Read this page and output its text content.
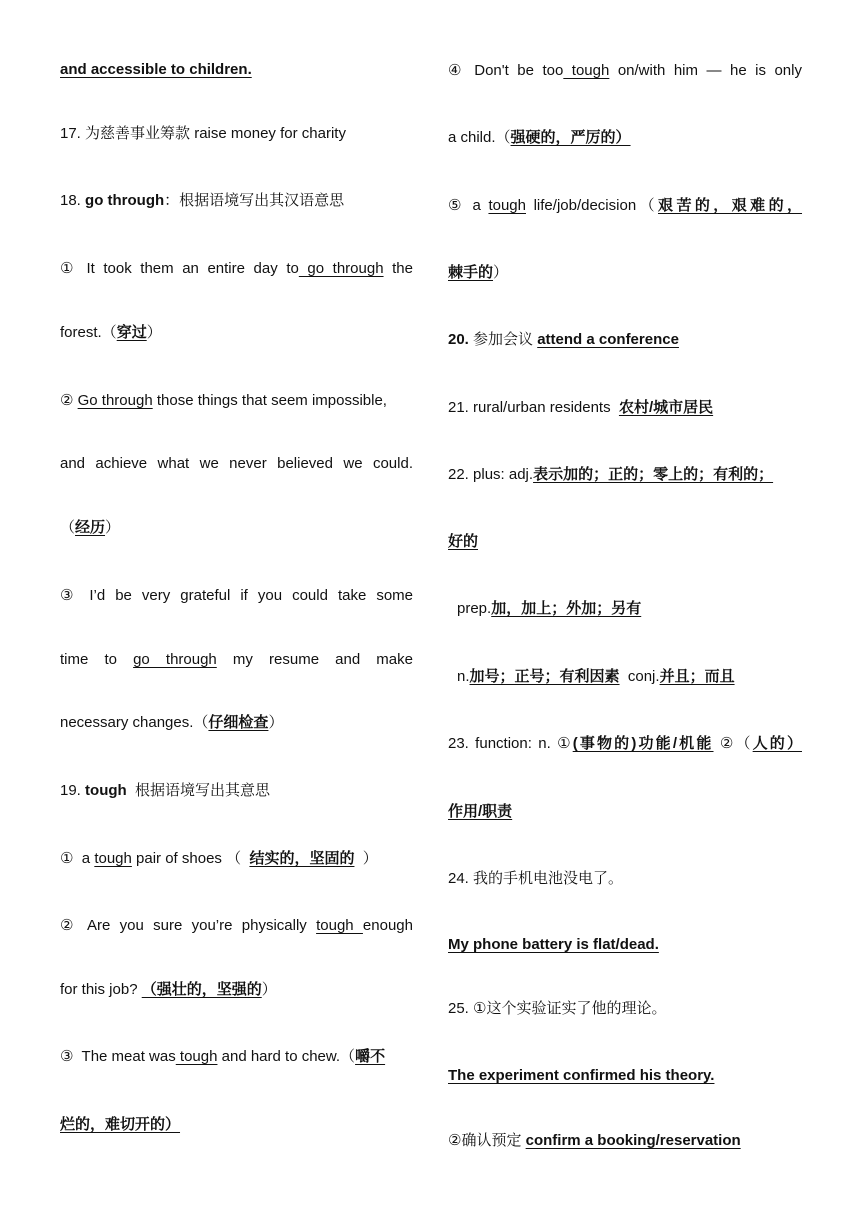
and accessible to children.
17. 为慈善事业筹款 raise money for charity
18. go through：根据语境写出其汉语意思
① It took them an entire day to go through the
forest.（穿过）
② Go through those things that seem impossible,
and achieve what we never believed we could.
（经历）
③ I’d be very grateful if you could take some
time to go through my resume and make
necessary changes.（仔细检查）
19. tough 根据语境写出其意思
① a tough pair of shoes （ 结实的，坚固的 ）
② Are you sure you’re physically tough enough
for this job? （强壮的，坚强的）
③ The meat was tough and hard to chew.（嚼不
烂的，难切开的）
④ Don't be too tough on/with him — he is only
a child.（强硬的，严厉的）
⑤ a tough life/job/decision（艰苦的，艰难的，
棘手的）
20. 参加会议 attend a conference
21. rural/urban residents 农村/城市居民
22. plus: adj.表示加的；正的；零上的；有利的；
好的
prep.加，加上；外加；另有
n.加号；正号；有利因素 conj.并且；而且
23. function: n. ①(事物的)功能/机能 ②（人的）
作用/职责
24. 我的手机电池没电了。
My phone battery is flat/dead.
25. ①这个实验证实了他的理论。
The experiment confirmed his theory.
②确认预定 confirm a booking/reservation
